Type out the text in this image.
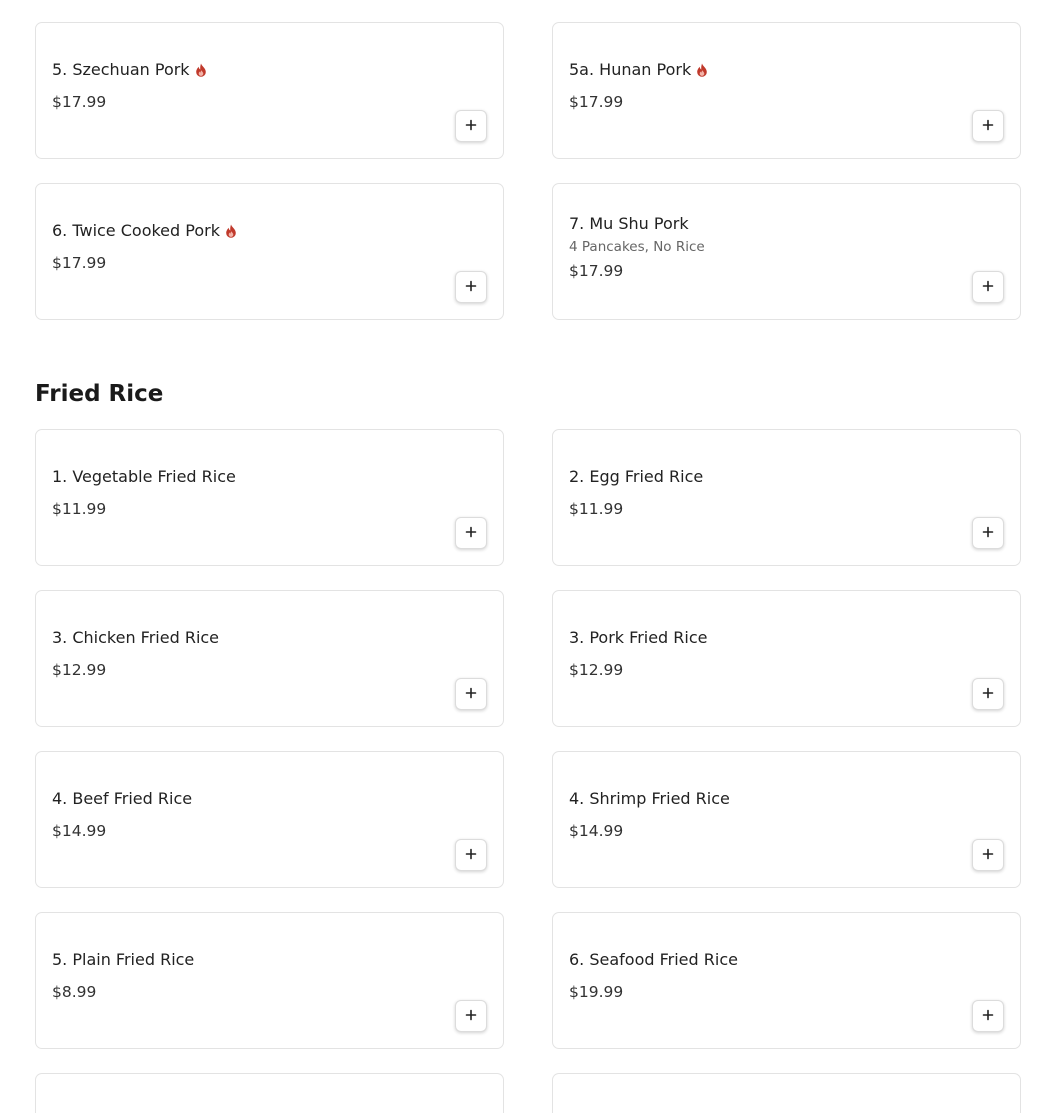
5. Szechuan Pork
$17.99
5a. Hunan Pork
$17.99
6. Twice Cooked Pork
$17.99
7. Mu Shu Pork
4 Pancakes, No Rice
$17.99
Fried Rice
1. Vegetable Fried Rice
$11.99
2. Egg Fried Rice
$11.99
3. Chicken Fried Rice
$12.99
3. Pork Fried Rice
$12.99
4. Beef Fried Rice
$14.99
4. Shrimp Fried Rice
$14.99
5. Plain Fried Rice
$8.99
6. Seafood Fried Rice
$19.99
